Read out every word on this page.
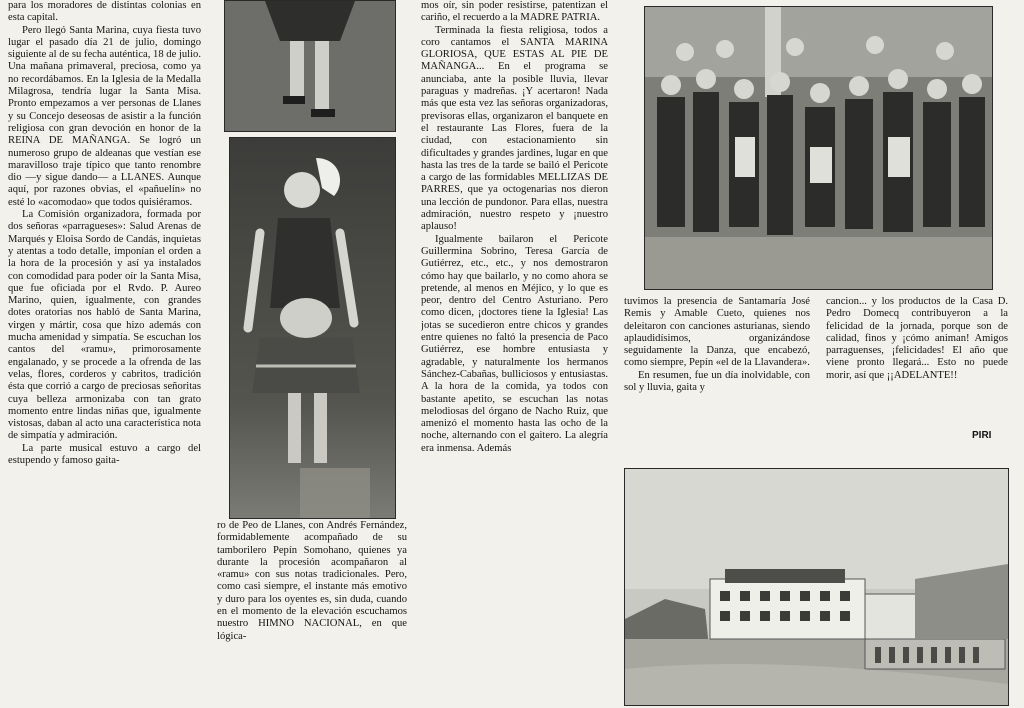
para los moradores de distintas colonias en esta capital.

Pero llegó Santa Marina, cuya fiesta tuvo lugar el pasado día 21 de julio, domingo siguiente al de su fecha auténtica, 18 de julio. Una mañana primaveral, preciosa, como ya no recordábamos. En la Iglesia de la Medalla Milagrosa, tendría lugar la Santa Misa. Pronto empezamos a ver personas de Llanes y su Concejo deseosas de asistir a la función religiosa con gran devoción en honor de la REINA DE MAÑANGA. Se logró un numeroso grupo de aldeanas que vestían ese maravilloso traje típico que tanto renombre dio —y sigue dando— a LLANES. Aunque aquí, por razones obvias, el «pañuelín» no esté lo «acomodao» que todos quisiéramos.

La Comisión organizadora, formada por dos señoras «parragueses»: Salud Arenas de Marqués y Eloisa Sordo de Candás, inquietas y atentas a todo detalle, imponían el orden a la hora de la procesión y así ya instalados con comodidad para poder oír la Santa Misa, que fue oficiada por el Rvdo. P. Aureo Marino, quien, igualmente, con grandes dotes oratorias nos habló de Santa Marina, virgen y mártir, cosa que hizo además con mucha amenidad y simpatía. Se escuchan los cantos del «ramu», primorosamente engalanado, y se procede a la ofrenda de las velas, flores, corderos y cabritos, tradición ésta que corrió a cargo de preciosas señoritas cuya belleza armonizaba con tan grato momento entre lindas niñas que, igualmente vistosas, daban al acto una característica nota de simpatía y admiración.

La parte musical estuvo a cargo del estupendo y famoso gaita-

ro de Peo de Llanes, con Andrés Fernández, formidablemente acompañado de su tamborilero Pepín Somohano, quienes ya durante la procesión acompañaron al «ramu» con sus notas tradicionales. Pero, como casi siempre, el instante más emotivo y duro para los oyentes es, sin duda, cuando en el momento de la elevación escuchamos nuestro HIMNO NACIONAL, en que lógica-

mos oír, sin poder resistirse, patentizan el cariño, el recuerdo a la MADRE PATRIA.

Terminada la fiesta religiosa, todos a coro cantamos el SANTA MARINA GLORIOSA, QUE ESTAS AL PIE DE MAÑANGA... En el programa se anunciaba, ante la posible lluvia, llevar paraguas y madreñas. ¡Y acertaron! Nada más que esta vez las señoras organizadoras, previsoras ellas, organizaron el banquete en el restaurante Las Flores, fuera de la ciudad, con estacionamiento sin dificultades y grandes jardines, lugar en que hasta las tres de la tarde se bailó el Pericote a cargo de las formidables MELLIZAS DE PARRES, que ya octogenarias nos dieron una lección de pundonor. Para ellas, nuestra admiración, nuestro respeto y ¡nuestro aplauso!

Igualmente bailaron el Pericote Guillermina Sobrino, Teresa García de Gutiérrez, etc., etc., y nos demostraron cómo hay que bailarlo, y no como ahora se pretende, al menos en Méjico, y lo que es peor, dentro del Centro Asturiano. Pero como dicen, ¡doctores tiene la Iglesia! Las jotas se sucedieron entre chicos y grandes entre quienes no faltó la presencia de Paco Gutiérrez, ese hombre entusiasta y agradable, y naturalmente los hermanos Sánchez-Cabañas, bulliciosos y entusiastas. A la hora de la comida, ya todos con bastante apetito, se escuchan las notas melodiosas del órgano de Nacho Ruiz, que amenizó el momento hasta las ocho de la noche, alternando con el gaitero. La alegría era inmensa. Además

tuvimos la presencia de Santamaría José Remis y Amable Cueto, quienes nos deleitaron con canciones asturianas, siendo aplaudidísimos, organizándose seguidamente la Danza, que encabezó, como siempre, Pepín «el de la Llavandera».

En resumen, fue un día inolvidable, con sol y lluvia, gaita y

cancion... y los productos de la Casa D. Pedro Domecq contribuyeron a la felicidad de la jornada, porque son de calidad, finos y ¡cómo animan! Amigos parraguenses, ¡felicidades! El año que viene pronto llegará... Esto no puede morir, así que ¡¡ADELANTE!!

PIRI
